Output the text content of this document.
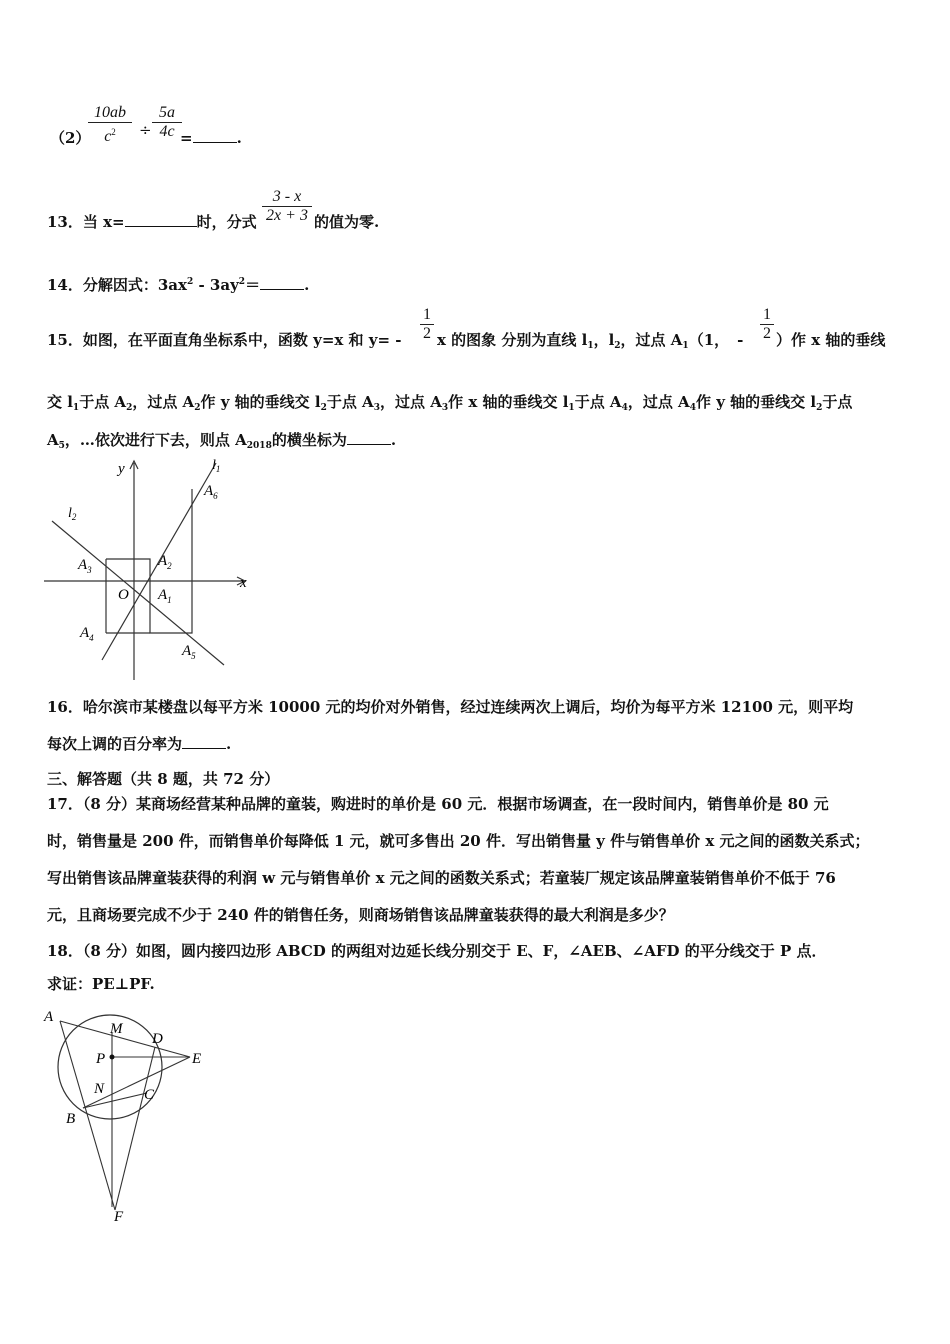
（2）
$\frac{10ab}{c^2} \div \frac{5a}{4c}$
=	.
13．当 x=	时，分式 $\frac{3 - x}{2x + 3}$ 的值为零.
14．分解因式：$3ax^2 - 3ay^2=$	.
15．如图，在平面直角坐标系中，函数 y=x 和 $y= - \frac{1}{2}$ x 的图象 分别为直线 $l_1$，$l_2$，过点 $A_1(1$， - $\frac{1}{2}$ ）作 x 轴的垂线
交 $l_1$于点 $A_2$，过点 $A_2$作 y 轴的垂线交 $l_2$于点 $A_3$，过点 $A_3$作 x 轴的垂线交 $l_1$于点 $A_4$，过点 $A_4$作 y 轴的垂线交 $l_2$于点
$A_5$，…依次进行下去，则点 $A_{2018}$的横坐标为	.
y
x
O
$l_1$
$l_2$
$A_6$
$A_2$
$A_3$
$A_1$
$A_4$
$A_5$
16．哈尔滨市某楼盘以每平方米 10000 元的均价对外销售，经过连续两次上调后，均价为每平方米 12100 元，则平均
每次上调的百分率为	.
三、解答题（共 8 题，共 72 分）
17．（8 分）某商场经营某种品牌的童装，购进时的单价是 60 元．根据市场调查，在一段时间内，销售单价是 80 元
时，销售量是 200 件，而销售单价每降低 1 元，就可多售出 20 件．写出销售量 y 件与销售单价 x 元之间的函数关系式；
写出销售该品牌童装获得的利润 w 元与销售单价 x 元之间的函数关系式；若童装厂规定该品牌童装销售单价不低于 76
元，且商场要完成不少于 240 件的销售任务，则商场销售该品牌童装获得的最大利润是多少？
18．（8 分）如图，圆内接四边形 ABCD 的两组对边延长线分别交于 E、F，∠AEB、∠AFD 的平分线交于 P 点．
求证：PE⊥PF.
A
M
D
E
P
N	C
B
F
